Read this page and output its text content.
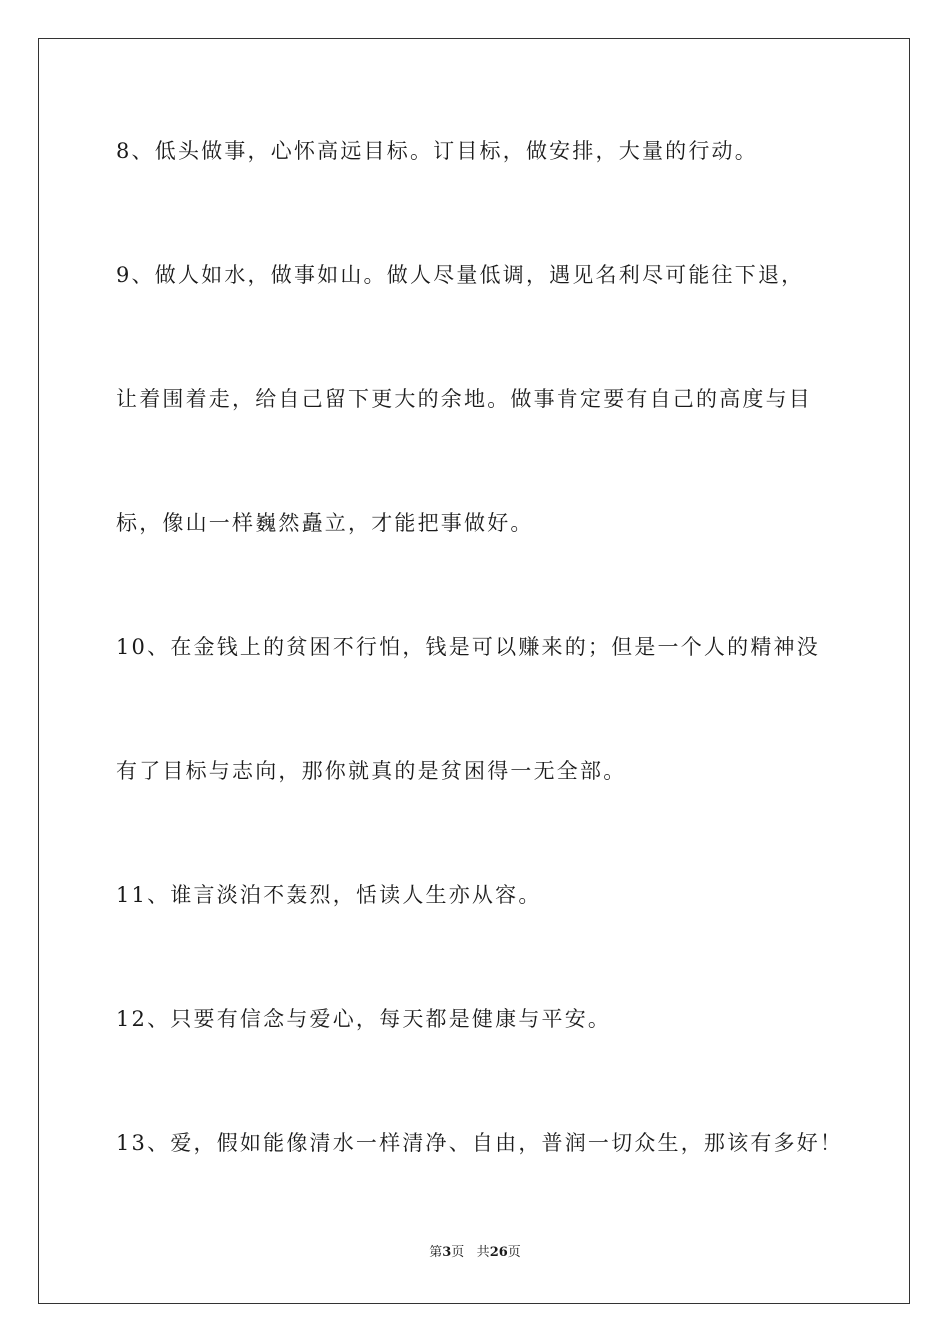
8、低头做事，心怀高远目标。订目标，做安排，大量的行动。
9、做人如水，做事如山。做人尽量低调，遇见名利尽可能往下退，
让着围着走，给自己留下更大的余地。做事肯定要有自己的高度与目
标，像山一样巍然矗立，才能把事做好。
10、在金钱上的贫困不行怕，钱是可以赚来的；但是一个人的精神没
有了目标与志向，那你就真的是贫困得一无全部。
11、谁言淡泊不轰烈，恬读人生亦从容。
12、只要有信念与爱心，每天都是健康与平安。
13、爱，假如能像清水一样清净、自由，普润一切众生，那该有多好！
第3页 共26页
